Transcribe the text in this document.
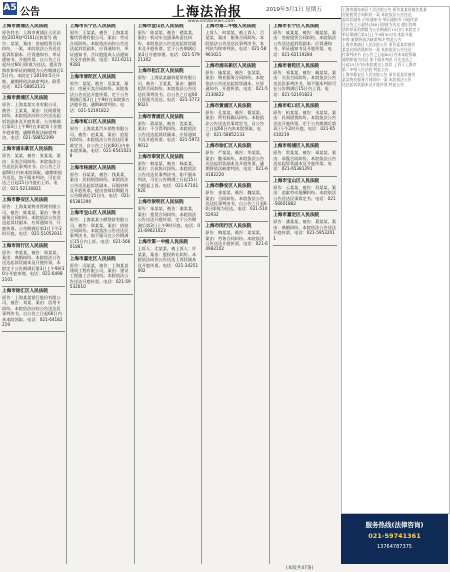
A5 公告	上海法治报	2019年3月1日 星期五
www.shfzbnews.com
上海市黄浦区人民法院
原告姓名：上海市黄浦区人民法院(2019)沪0101民初第号 被告：某某，案由：房屋租赁合同纠纷，一案，本院依法公告送达起诉状副本、应诉通知书、举证通知书、开庭传票。自公告之日起经过60日即视为送达。提出答辩状和举证的期限为公告期满后15日内。本院定于2019年5月开庭。逾期将依法缺席判决。联系电话：021-58852131
上海市黄浦区人民法院
原告：上海某某实业有限公司，被告：王某某，案由：民间借贷纠纷。本院依法向你公告送达起诉状副本及开庭传票。公告期满后第3日上午9时在本院第十法庭开庭审理，逾期将依法缺席判决。电话：021-58852199
上海市浦东新区人民法院
原告：某某，被告：张某某，案由：买卖合同纠纷。本院依法公告送达民事判决书。自公告之日起60日内来本院领取，逾期即视为送达。如不服本判决，可在送达之日起15日内提出上诉。电话：021-52130821
上海市静安区人民法院
原告：上海某某物业管理有限公司，被告：陈某某，案由：物业服务合同纠纷。本院依法公告送达起诉状副本、应诉通知书、开庭传票。公告期满后第3日下午2时开庭。电话：021-51052931
上海市闵行区人民法院
原告：李某某，被告：周某某，案由：离婚纠纷。本院依法公告送达起诉状副本及开庭传票，本院定于公告期满后第3日上午9时30分开庭审理。电话：021-64982101
上海市徐汇区人民法院
原告：上海某某银行股份有限公司，被告：刘某，案由：信用卡纠纷。本院依法向你公告送达民事判决书，自公告之日起60日内来本院领取。电话：021-64182219
上海市长宁区人民法院
原告：王某某，被告：上海某某餐饮管理有限公司，案由：劳动合同纠纷。本院依法向你公告送达起诉状副本、应诉通知书、举证通知书、合议庭组成人员通知书及开庭传票。电话：021-62119283
上海市普陀区人民法院
原告：某某，被告：吴某某，案由：房屋买卖合同纠纷。本院依法公告送达开庭传票，定于公告期满后第3日上午9时在本院第五法庭开庭。逾期缺席判决。电话：021-52191822
上海市虹口区人民法院
原告：上海某某汽车销售有限公司，被告：赵某某，案由：追偿权纠纷。本院依法公告送达民事裁定书，自公告之日起60日内来本院领取。电话：021-65410218
上海市杨浦区人民法院
原告：孙某某，被告：钱某某，案由：民间借贷纠纷。本院依法公告送达起诉状副本、证据材料及开庭传票。提出答辩状期限为公告期满后15日内。电话：021-65381290
上海市宝山区人民法院
原告：上海某某小额贷款有限公司，被告：郑某某，案由：借款合同纠纷。本院依法公告送达民事判决书，如不服可在公告期满后15日内上诉。电话：021-56601881
上海市嘉定区人民法院
原告：冯某某，被告：上海某某建筑工程有限公司，案由：建设工程施工合同纠纷。本院依法公告送达开庭传票。电话：021-59532010
上海市金山区人民法院
原告：陈某某，被告：褚某某，案由：机动车交通事故责任纠纷。本院依法公告送达起诉状副本及开庭传票，定于公告期满后第3日开庭审理。电话：021-57921302
上海市松江区人民法院
原告：上海某某融资租赁有限公司，被告：卫某某，案由：融资租赁合同纠纷。本院依法公告送达民事判决书，自公告之日起60日即视为送达。电话：021-37736021
上海市青浦区人民法院
原告：蒋某某，被告：沈某某，案由：不当得利纠纷。本院依法公告送达起诉状副本、应诉通知书及开庭传票。电话：021-59729012
上海市奉贤区人民法院
原告：韩某某，被告：杨某某，案由：合伙协议纠纷。本院依法公告送达民事判决书，如不服本判决，可在公告期满之日起15日内提起上诉。电话：021-67101920
上海市崇明区人民法院
原告：朱某某，被告：秦某某，案由：租赁合同纠纷。本院依法公告送达开庭传票，定于公告期满后第3日上午9时开庭。电话：021-69621023
上海市第一中级人民法院
上诉人：尤某某，被上诉人：许某某，案由：股权转让纠纷。本院依法向你公告送达上诉状副本及开庭传票。电话：021-34251092
上海市第二中级人民法院
上诉人：何某某，被上诉人：吕某某，案由：服务合同纠纷。本院依法公告送达民事判决书，本判决为终审判决。电话：021-58961021
上海市浦东新区人民法院
原告：施某某，被告：张某某，案由：物业服务合同纠纷。本院依法公告送达起诉状副本、应诉通知书、开庭传票。电话：021-52130822
上海市黄浦区人民法院
原告：孔某某，被告：曹某某，案由：所有权确认纠纷。本院依法公告送达民事裁定书，自公告之日起60日内来本院领取。电话：021-58852133
上海市徐汇区人民法院
原告：严某某，被告：华某某，案由：继承纠纷。本院依法公告送达起诉状副本及开庭传票，逾期将依法缺席判决。电话：021-64182220
上海市静安区人民法院
原告：金某某，被告：魏某某，案由：合同纠纷。本院依法公告送达民事判决书，自公告之日起60日即视为送达。电话：021-51052932
上海市闵行区人民法院
原告：陶某某，被告：姜某某，案由：劳务合同纠纷。本院依法公告送达开庭传票。电话：021-64982102
上海市长宁区人民法院
原告：戚某某，被告：谢某某，案由：房屋租赁合同纠纷。本院依法公告送达起诉状副本、应诉通知书、举证通知书及开庭传票。电话：021-62119284
上海市普陀区人民法院
原告：邹某某，被告：喻某某，案由：买卖合同纠纷。本院依法公告送达民事判决书，如不服本判决可在公告期满后15日内上诉。电话：021-52191823
上海市虹口区人民法院
原告：柏某某，被告：水某某，案由：民间借贷纠纷。本院依法公告送达开庭传票，定于公告期满后第3日下午2时开庭。电话：021-65410219
上海市杨浦区人民法院
原告：窦某某，被告：章某某，案由：承揽合同纠纷。本院依法公告送达起诉状副本及开庭传票。电话：021-65381291
上海市宝山区人民法院
原告：云某某，被告：苏某某，案由：追索劳动报酬纠纷。本院依法公告送达民事裁定书。电话：021-56601882
上海市嘉定区人民法院
原告：潘某某，被告：葛某某，案由：离婚纠纷。本院依法公告送达开庭传票。电话：021-59532011
上海市浦东新区人民法院公告 原告某某诉被告某某
房屋租赁合同纠纷一案 本院依法公告送达
起诉状副本 应诉通知书 举证通知书 开庭传票
自公告之日起经过60日即视为送达 提出答辩
状和举证的期限为公告期满后15日内 本院定于
举证期满后第3日上午9时30分在本院开庭
审理 逾期将依法缺席判决 特此公告
上海市黄浦区人民法院公告 原告某某诉被告
某某民间借贷纠纷一案 本院依法公告送达
民事判决书 自公告之日起60日内来本院领取
逾期即视为送达 如不服本判决 可在送达之
日起15日内向本院递交上诉状 上诉于上海市
第二中级人民法院 特此公告
上海市静安区人民法院公告 原告某某诉被告
某某物业服务合同纠纷一案 本院依法公告
送达起诉状副本及开庭传票 特此公告
服务热线(法律咨询)
021-59741361
13764787375
(本版共47条)
